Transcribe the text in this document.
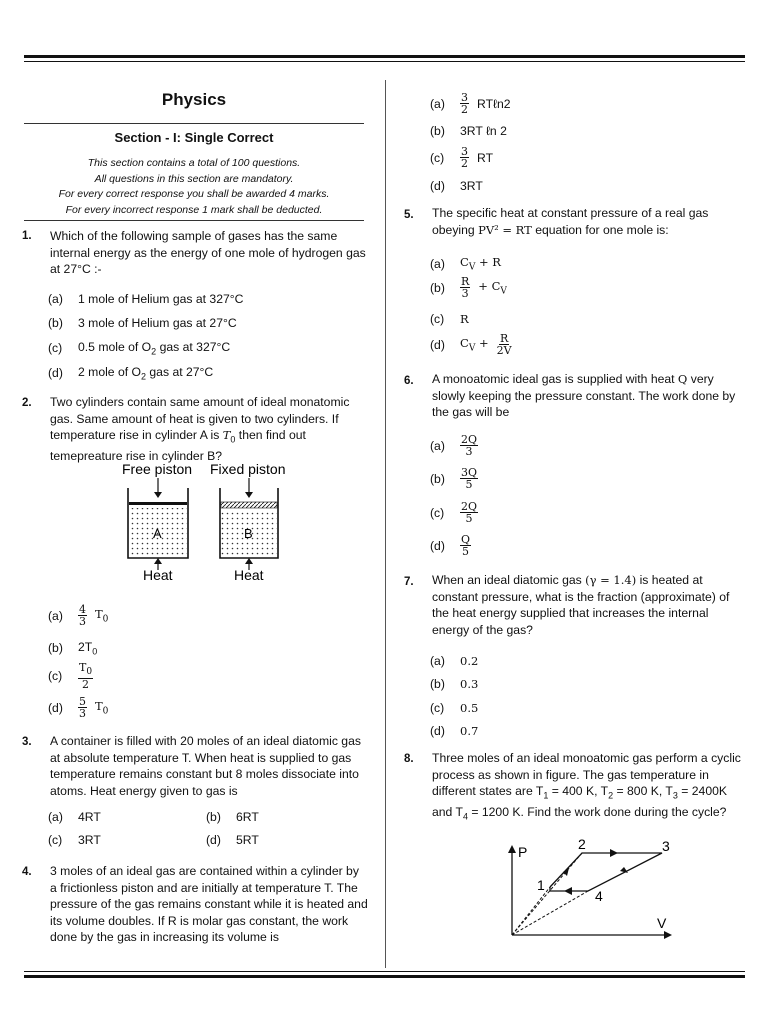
Physics
Section - I: Single Correct
This section contains a total of 100 questions.
All questions in this section are mandatory.
For every correct response you shall be awarded 4 marks.
For every incorrect response 1 mark shall be deducted.
1. Which of the following sample of gases has the same internal energy as the energy of one mole of hydrogen gas at 27°C :-
(a)	1 mole of Helium gas at 327°C
(b)	3 mole of Helium gas at 27°C
(c)	0.5 mole of $O_2$ gas at 327°C
(d)	2 mole of $O_2$ gas at 27°C
2. Two cylinders contain same amount of ideal monatomic gas. Same amount of heat is given to two cylinders. If temperature rise in cylinder A is $T_0$ then find out temepreature rise in cylinder B?
Free piston Fixed piston
A	B
Heat	Heat
(a)	$\frac{4}{3} T_0$
(b)	$2T_0$
(c)	$\frac{T_0}{2}$
(d)	$\frac{5}{3} T_0$
3. A container is filled with 20 moles of an ideal diatomic gas at absolute temperature T. When heat is supplied to gas temperature remains constant but 8 moles dissociate into atoms. Heat energy given to gas is
(a)	4RT	(b)	6RT
(c)	3RT	(d)	5RT
4. 3 moles of an ideal gas are contained within a cylinder by a frictionless piston and are initially at temperature T. The pressure of the gas remains constant while it is heated and its volume doubles. If R is molar gas constant, the work done by the gas in increasing its volume is
(a)	$\frac{3}{2}$ RTℓn2
(b)	3RT ℓn 2
(c)	$\frac{3}{2}$ RT
(d)	3RT
5. The specific heat at constant pressure of a real gas obeying PV² = RT equation for one mole is:
(a)	$C_V + R$
(b)	$\frac{R}{3} + C_V$
(c)	R
(d)	$C_V + \frac{R}{2V}$
6. A monoatomic ideal gas is supplied with heat Q very slowly keeping the pressure constant. The work done by the gas will be
(a)	$\frac{2Q}{3}$
(b)	$\frac{3Q}{5}$
(c)	$\frac{2Q}{5}$
(d)	$\frac{Q}{5}$
7. When an ideal diatomic gas (γ = 1.4) is heated at constant pressure, what is the fraction (approximate) of the heat energy supplied that increases the internal energy of the gas?
(a)	0.2
(b)	0.3
(c)	0.5
(d)	0.7
8. Three moles of an ideal monoatomic gas perform a cyclic process as shown in figure. The gas temperature in different states are $T_1 = 400$ K, $T_2 = 800$ K, $T_3 = 2400K$ and $T_4 = 1200$ K. Find the work done during the cycle?
P
V
1
2	3
4
